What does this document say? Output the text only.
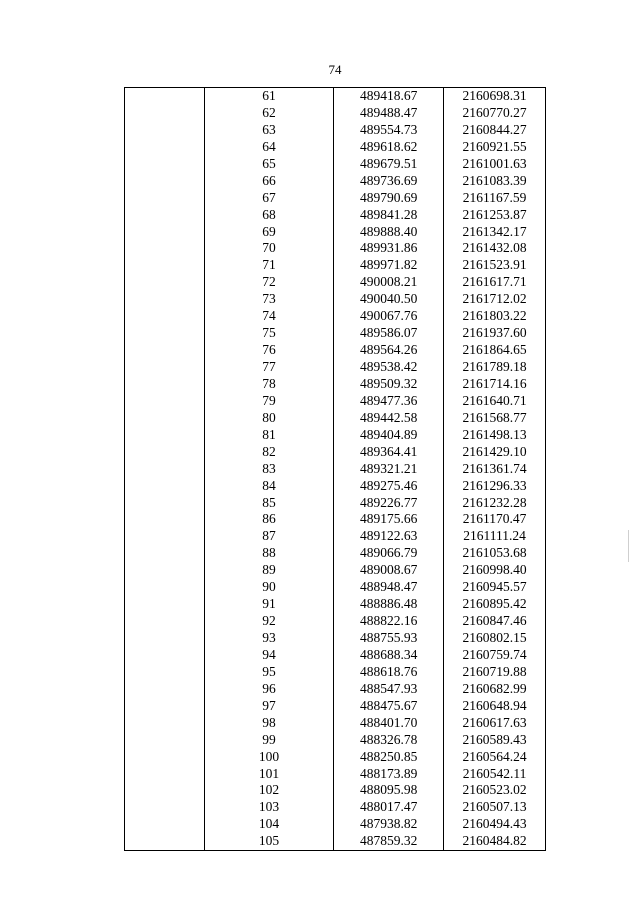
74
	61	489418.67	2160698.31
	62	489488.47	2160770.27
	63	489554.73	2160844.27
	64	489618.62	2160921.55
	65	489679.51	2161001.63
	66	489736.69	2161083.39
	67	489790.69	2161167.59
	68	489841.28	2161253.87
	69	489888.40	2161342.17
	70	489931.86	2161432.08
	71	489971.82	2161523.91
	72	490008.21	2161617.71
	73	490040.50	2161712.02
	74	490067.76	2161803.22
	75	489586.07	2161937.60
	76	489564.26	2161864.65
	77	489538.42	2161789.18
	78	489509.32	2161714.16
	79	489477.36	2161640.71
	80	489442.58	2161568.77
	81	489404.89	2161498.13
	82	489364.41	2161429.10
	83	489321.21	2161361.74
	84	489275.46	2161296.33
	85	489226.77	2161232.28
	86	489175.66	2161170.47
	87	489122.63	2161111.24
	88	489066.79	2161053.68
	89	489008.67	2160998.40
	90	488948.47	2160945.57
	91	488886.48	2160895.42
	92	488822.16	2160847.46
	93	488755.93	2160802.15
	94	488688.34	2160759.74
	95	488618.76	2160719.88
	96	488547.93	2160682.99
	97	488475.67	2160648.94
	98	488401.70	2160617.63
	99	488326.78	2160589.43
	100	488250.85	2160564.24
	101	488173.89	2160542.11
	102	488095.98	2160523.02
	103	488017.47	2160507.13
	104	487938.82	2160494.43
	105	487859.32	2160484.82
